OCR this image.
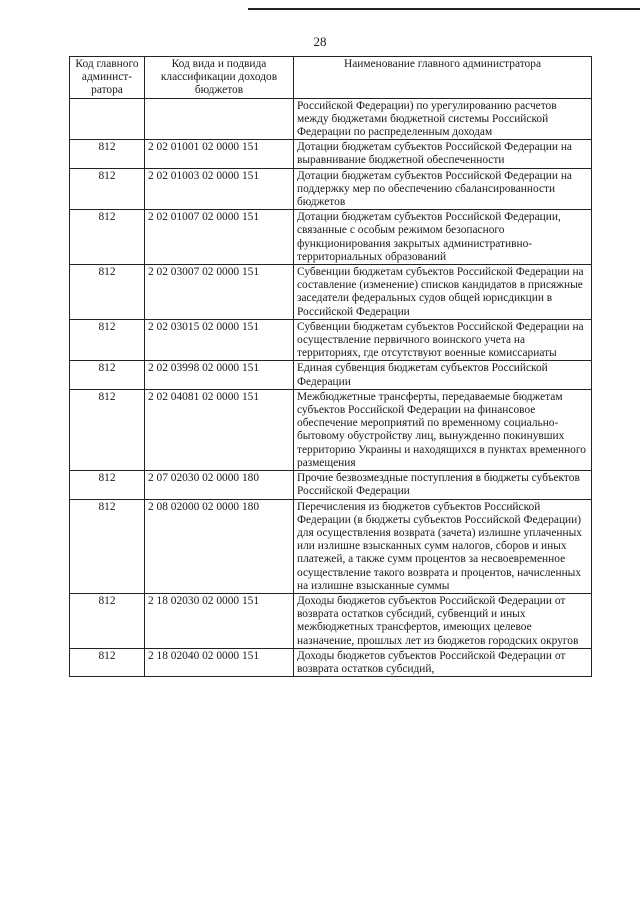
28
Код главного админист-ратора	Код вида и подвида классификации доходов бюджетов	Наименование главного администратора
		Российской Федерации) по урегулированию расчетов между бюджетами бюджетной системы Российской Федерации по распределенным доходам
812	2 02 01001 02 0000 151	Дотации бюджетам субъектов Российской Федерации на выравнивание бюджетной обеспеченности
812	2 02 01003 02 0000 151	Дотации бюджетам субъектов Российской Федерации на поддержку мер по обеспечению сбалансированности бюджетов
812	2 02 01007 02 0000 151	Дотации бюджетам субъектов Российской Федерации, связанные с особым режимом безопасного функционирования закрытых административно-территориальных образований
812	2 02 03007 02 0000 151	Субвенции бюджетам субъектов Российской Федерации на составление (изменение) списков кандидатов в присяжные заседатели федеральных судов общей юрисдикции в Российской Федерации
812	2 02 03015 02 0000 151	Субвенции бюджетам субъектов Российской Федерации на осуществление первичного воинского учета на территориях, где отсутствуют военные комиссариаты
812	2 02 03998 02 0000 151	Единая субвенция бюджетам субъектов Российской Федерации
812	2 02 04081 02 0000 151	Межбюджетные трансферты, передаваемые бюджетам субъектов Российской Федерации на финансовое обеспечение мероприятий по временному социально-бытовому обустройству лиц, вынужденно покинувших территорию Украины и находящихся в пунктах временного размещения
812	2 07 02030 02 0000 180	Прочие безвозмездные поступления в бюджеты субъектов Российской Федерации
812	2 08 02000 02 0000 180	Перечисления из бюджетов субъектов Российской Федерации (в бюджеты субъектов Российской Федерации) для осуществления возврата (зачета) излишне уплаченных или излишне взысканных сумм налогов, сборов и иных платежей, а также сумм процентов за несвоевременное осуществление такого возврата и процентов, начисленных на излишне взысканные суммы
812	2 18 02030 02 0000 151	Доходы бюджетов субъектов Российской Федерации от возврата остатков субсидий, субвенций и иных межбюджетных трансфертов, имеющих целевое назначение, прошлых лет из бюджетов городских округов
812	2 18 02040 02 0000 151	Доходы бюджетов субъектов Российской Федерации от возврата остатков субсидий,
